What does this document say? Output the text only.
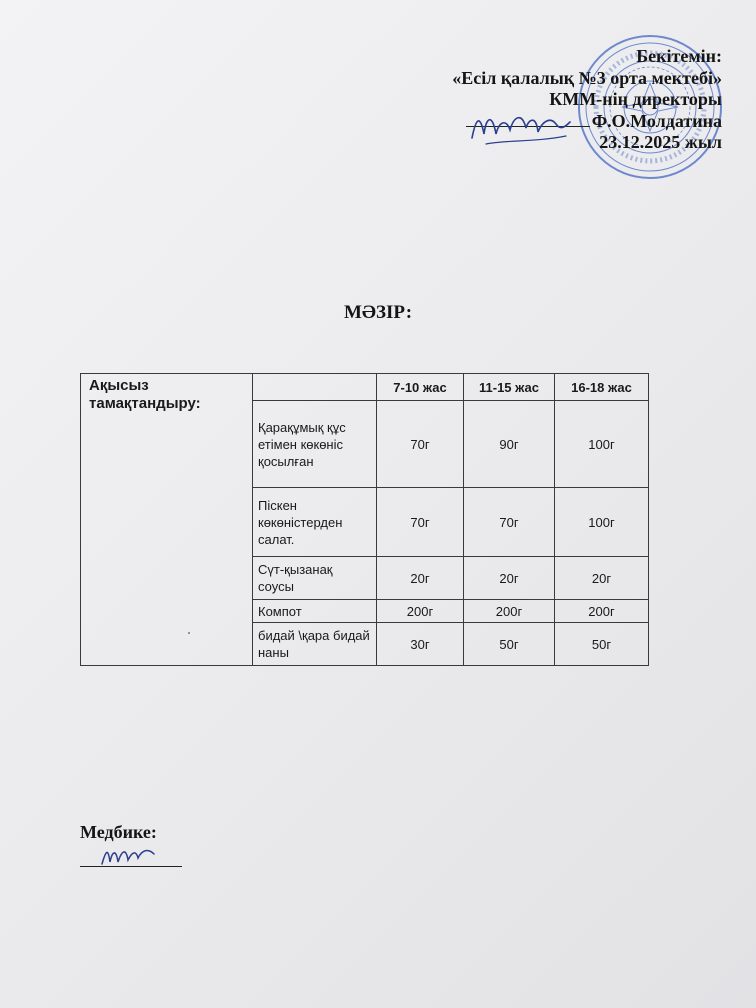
Бекітемін:
«Есіл қалалық №3 орта мектебі»
КММ-нің директоры
Ф.О.Молдатина
23.12.2025 жыл
МӘЗІР:
Ақысыз тамақтандыру:		7-10 жас	11-15 жас	16-18 жас
	Қарақұмық құс етімен көкөніс қосылған	70г	90г	100г
	Піскен көкөністерден салат.	70г	70г	100г
	Сүт-қызанақ соусы	20г	20г	20г
	Компот	200г	200г	200г
	бидай \қара бидай наны	30г	50г	50г
Медбике:
